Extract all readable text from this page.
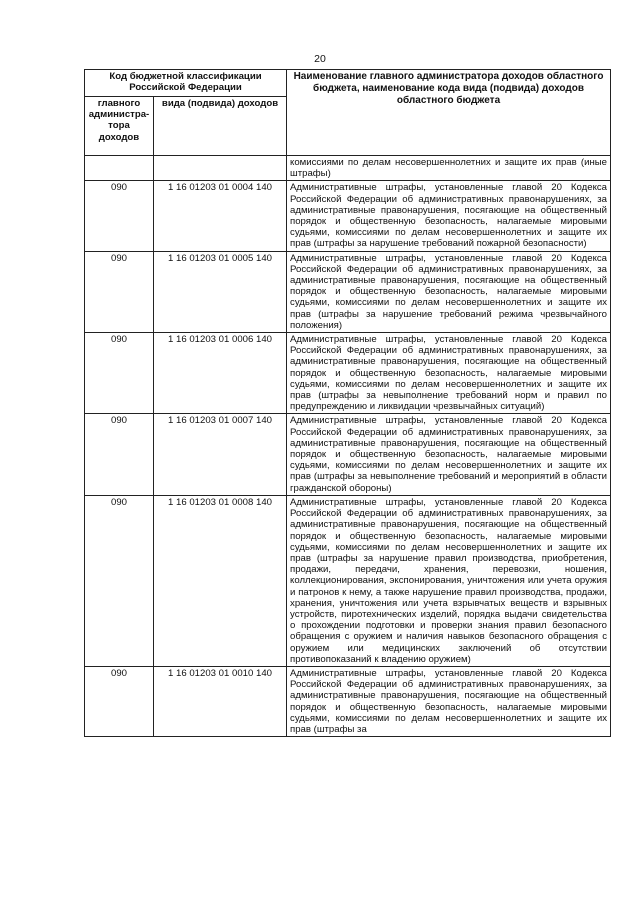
20
Код бюджетной классификации Российской Федерации		Наименование главного администратора доходов областного бюджета, наименование кода вида (подвида) доходов областного бюджета
главного администра-тора доходов	вида (подвида) доходов	
		комиссиями по делам несовершеннолетних и защите их прав (иные штрафы)
090	1 16 01203 01 0004 140	Административные штрафы, установленные главой 20 Кодекса Российской Федерации об административных правонарушениях, за административные правонарушения, посягающие на общественный порядок и общественную безопасность, налагаемые мировыми судьями, комиссиями по делам несовершеннолетних и защите их прав (штрафы за нарушение требований пожарной безопасности)
090	1 16 01203 01 0005 140	Административные штрафы, установленные главой 20 Кодекса Российской Федерации об административных правонарушениях, за административные правонарушения, посягающие на общественный порядок и общественную безопасность, налагаемые мировыми судьями, комиссиями по делам несовершеннолетних и защите их прав (штрафы за нарушение требований режима чрезвычайного положения)
090	1 16 01203 01 0006 140	Административные штрафы, установленные главой 20 Кодекса Российской Федерации об административных правонарушениях, за административные правонарушения, посягающие на общественный порядок и общественную безопасность, налагаемые мировыми судьями, комиссиями по делам несовершеннолетних и защите их прав (штрафы за невыполнение требований норм и правил по предупреждению и ликвидации чрезвычайных ситуаций)
090	1 16 01203 01 0007 140	Административные штрафы, установленные главой 20 Кодекса Российской Федерации об административных правонарушениях, за административные правонарушения, посягающие на общественный порядок и общественную безопасность, налагаемые мировыми судьями, комиссиями по делам несовершеннолетних и защите их прав (штрафы за невыполнение требований и мероприятий в области гражданской обороны)
090	1 16 01203 01 0008 140	Административные штрафы, установленные главой 20 Кодекса Российской Федерации об административных правонарушениях, за административные правонарушения, посягающие на общественный порядок и общественную безопасность, налагаемые мировыми судьями, комиссиями по делам несовершеннолетних и защите их прав (штрафы за нарушение правил производства, приобретения, продажи, передачи, хранения, перевозки, ношения, коллекционирования, экспонирования, уничтожения или учета оружия и патронов к нему, а также нарушение правил производства, продажи, хранения, уничтожения или учета взрывчатых веществ и взрывных устройств, пиротехнических изделий, порядка выдачи свидетельства о прохождении подготовки и проверки знания правил безопасного обращения с оружием и наличия навыков безопасного обращения с оружием или медицинских заключений об отсутствии противопоказаний к владению оружием)
090	1 16 01203 01 0010 140	Административные штрафы, установленные главой 20 Кодекса Российской Федерации об административных правонарушениях, за административные правонарушения, посягающие на общественный порядок и общественную безопасность, налагаемые мировыми судьями, комиссиями по делам несовершеннолетних и защите их прав (штрафы за
